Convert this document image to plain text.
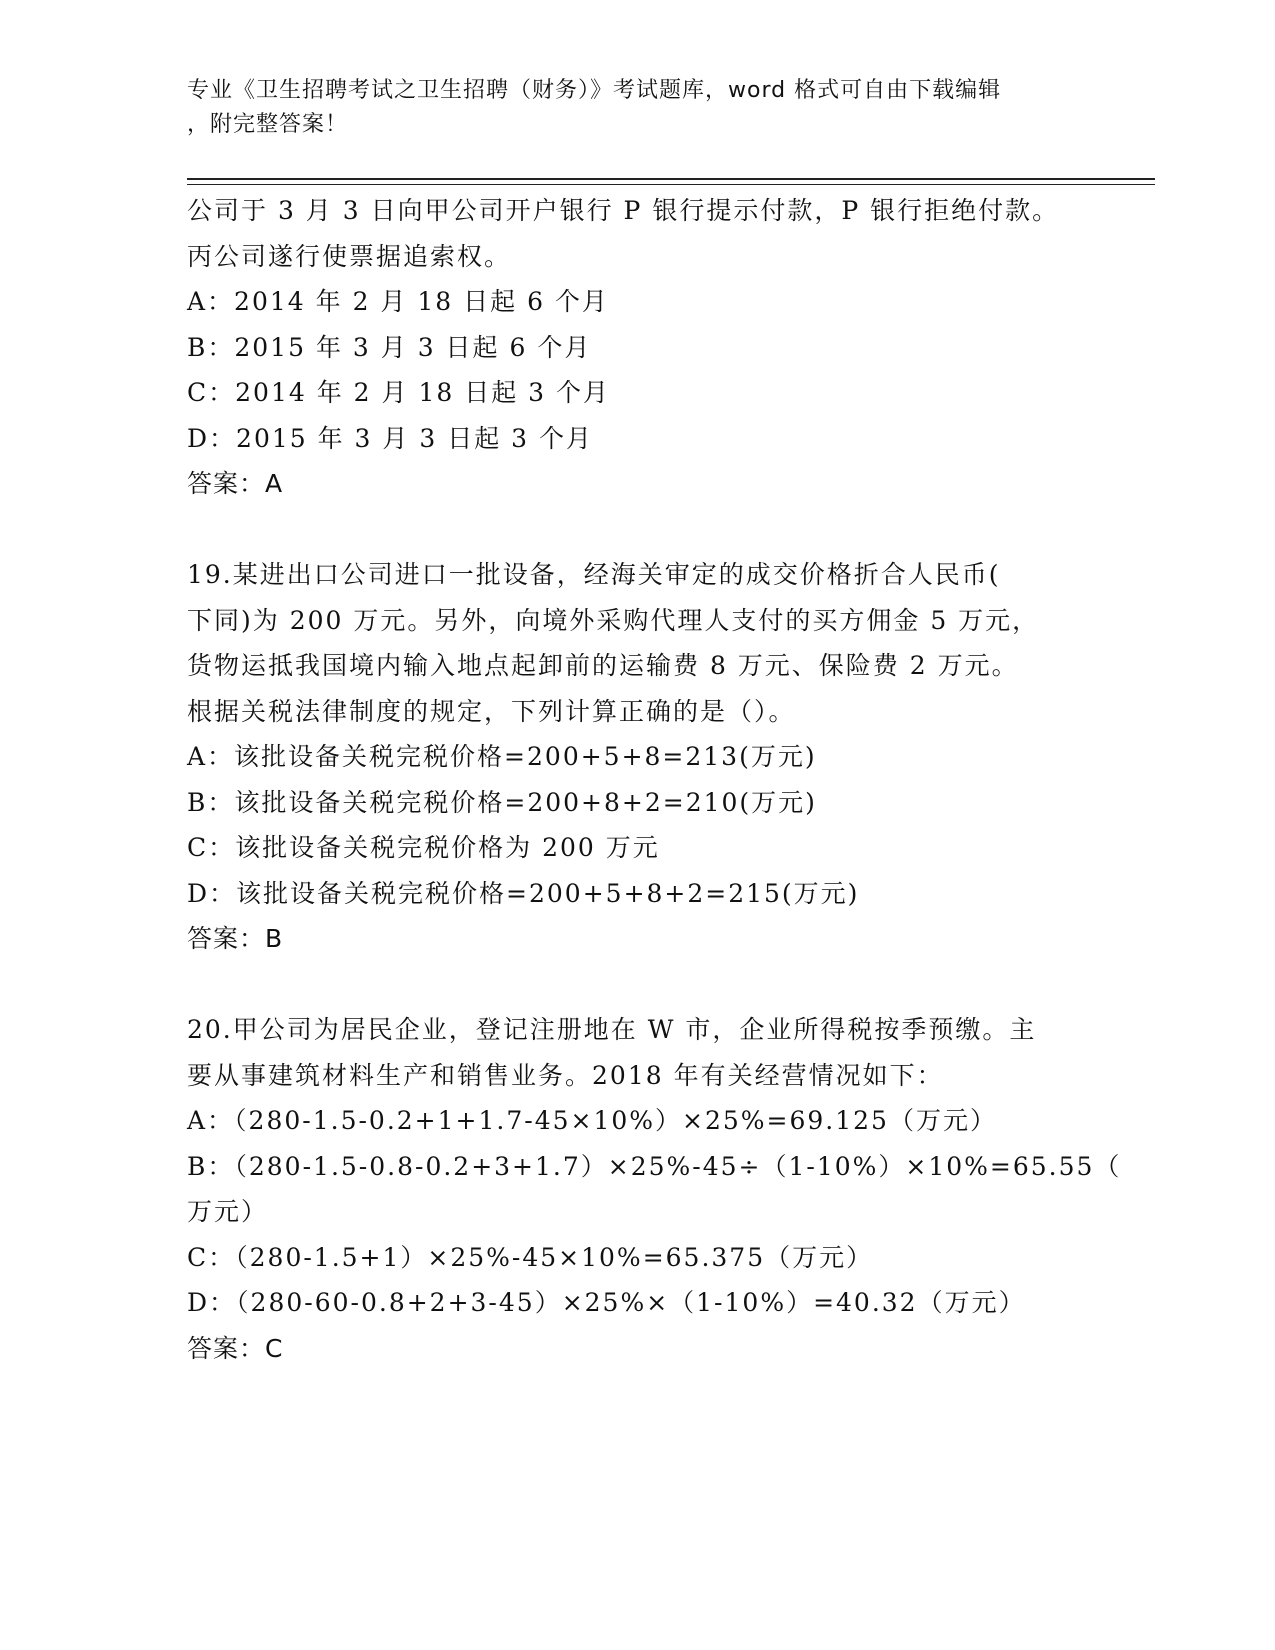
专业《卫生招聘考试之卫生招聘（财务）》考试题库，word 格式可自由下载编辑
，附完整答案！
公司于 3 月 3 日向甲公司开户银行 P 银行提示付款，P 银行拒绝付款。
丙公司遂行使票据追索权。
A：2014 年 2 月 18 日起 6 个月
B：2015 年 3 月 3 日起 6 个月
C：2014 年 2 月 18 日起 3 个月
D：2015 年 3 月 3 日起 3 个月
答案：A
19.某进出口公司进口一批设备，经海关审定的成交价格折合人民币(
下同)为 200 万元。另外，向境外采购代理人支付的买方佣金 5 万元，
货物运抵我国境内输入地点起卸前的运输费 8 万元、保险费 2 万元。
根据关税法律制度的规定，下列计算正确的是（）。
A：该批设备关税完税价格=200+5+8=213(万元)
B：该批设备关税完税价格=200+8+2=210(万元)
C：该批设备关税完税价格为 200 万元
D：该批设备关税完税价格=200+5+8+2=215(万元)
答案：B
20.甲公司为居民企业，登记注册地在 W 市，企业所得税按季预缴。主
要从事建筑材料生产和销售业务。2018 年有关经营情况如下：
A：（280-1.5-0.2+1+1.7-45×10%）×25%=69.125（万元）
B：（280-1.5-0.8-0.2+3+1.7）×25%-45÷（1-10%）×10%=65.55（
万元）
C：（280-1.5+1）×25%-45×10%=65.375（万元）
D：（280-60-0.8+2+3-45）×25%×（1-10%）=40.32（万元）
答案：C
